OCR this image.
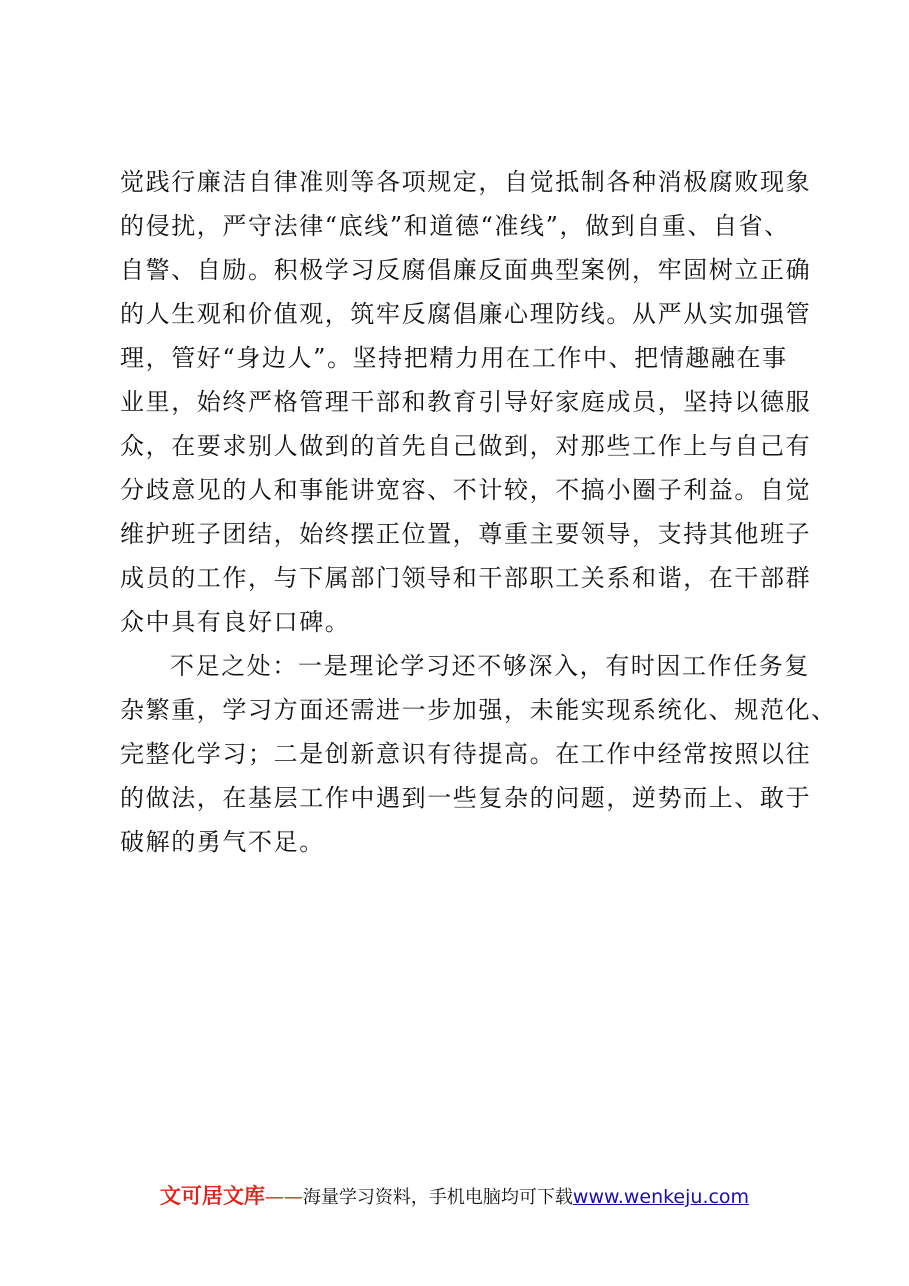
觉践行廉洁自律准则等各项规定，自觉抵制各种消极腐败现象
的侵扰，严守法律“底线”和道德“准线”，做到自重、自省、
自警、自励。积极学习反腐倡廉反面典型案例，牢固树立正确
的人生观和价值观，筑牢反腐倡廉心理防线。从严从实加强管
理，管好“身边人”。坚持把精力用在工作中、把情趣融在事
业里，始终严格管理干部和教育引导好家庭成员，坚持以德服
众，在要求别人做到的首先自己做到，对那些工作上与自己有
分歧意见的人和事能讲宽容、不计较，不搞小圈子利益。自觉
维护班子团结，始终摆正位置，尊重主要领导，支持其他班子
成员的工作，与下属部门领导和干部职工关系和谐，在干部群
众中具有良好口碑。
不足之处：一是理论学习还不够深入，有时因工作任务复
杂繁重，学习方面还需进一步加强，未能实现系统化、规范化、
完整化学习；二是创新意识有待提高。在工作中经常按照以往
的做法，在基层工作中遇到一些复杂的问题，逆势而上、敢于
破解的勇气不足。
文可居文库——海量学习资料，手机电脑均可下载www.wenkeju.com
